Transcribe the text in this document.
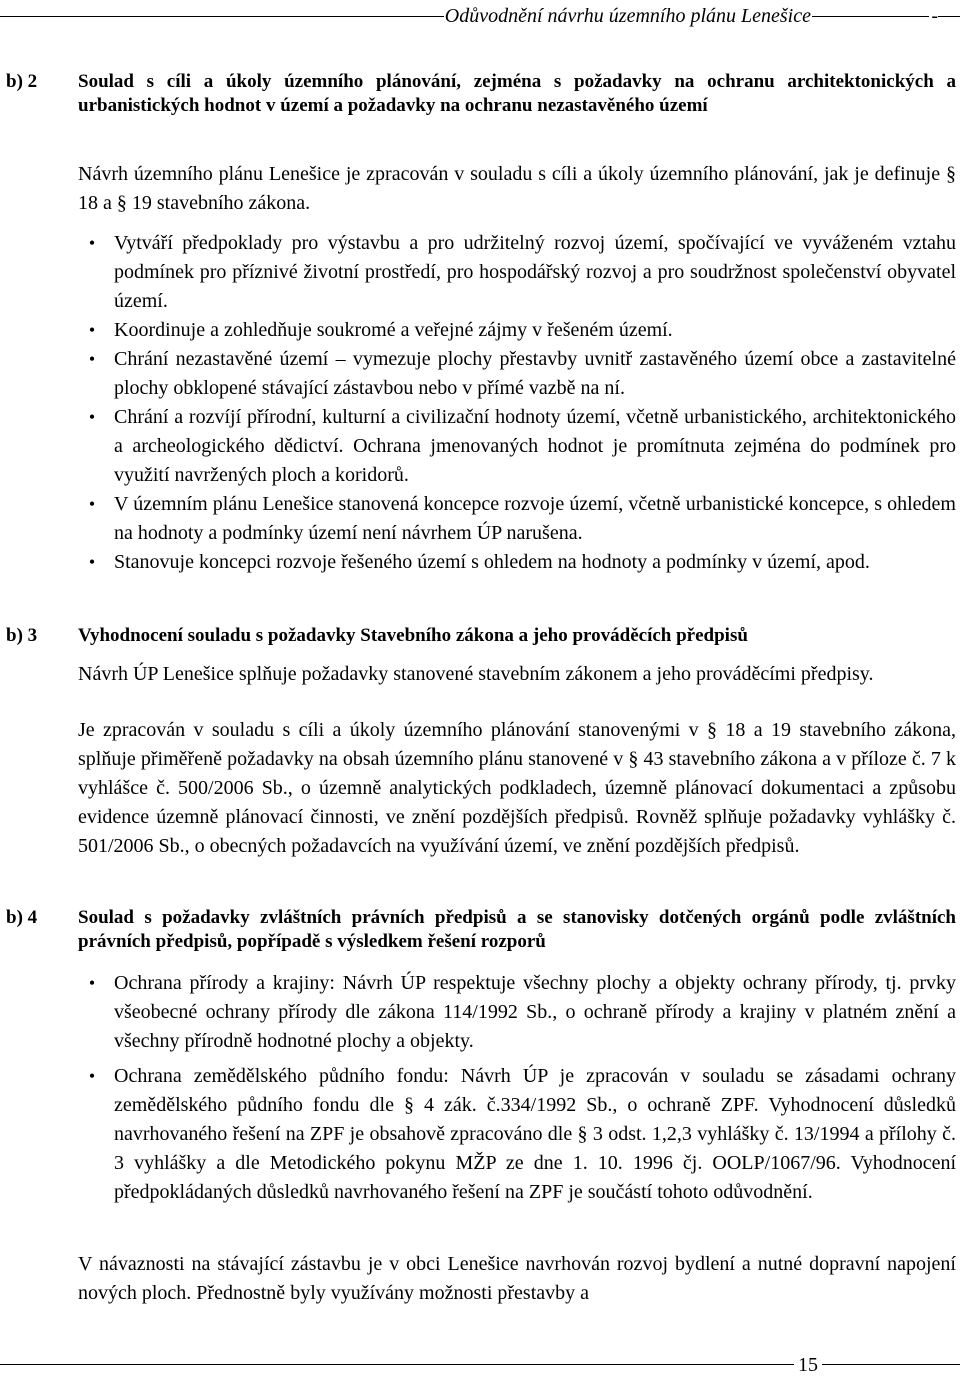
Odůvodnění návrhu územního plánu Lenešice	-
b) 2 Soulad s cíli a úkoly územního plánování, zejména s požadavky na ochranu architektonických a urbanistických hodnot v území a požadavky na ochranu nezastavěného území
Návrh územního plánu Lenešice je zpracován v souladu s cíli a úkoly územního plánování, jak je definuje § 18 a § 19 stavebního zákona.
• Vytváří předpoklady pro výstavbu a pro udržitelný rozvoj území, spočívající ve vyváženém vztahu podmínek pro příznivé životní prostředí, pro hospodářský rozvoj a pro soudržnost společenství obyvatel území.
• Koordinuje a zohledňuje soukromé a veřejné zájmy v řešeném území.
• Chrání nezastavěné území – vymezuje plochy přestavby uvnitř zastavěného území obce a zastavitelné plochy obklopené stávající zástavbou nebo v přímé vazbě na ní.
• Chrání a rozvíjí přírodní, kulturní a civilizační hodnoty území, včetně urbanistického, architektonického a archeologického dědictví. Ochrana jmenovaných hodnot je promítnuta zejména do podmínek pro využití navržených ploch a koridorů.
• V územním plánu Lenešice stanovená koncepce rozvoje území, včetně urbanistické koncepce, s ohledem na hodnoty a podmínky území není návrhem ÚP narušena.
• Stanovuje koncepci rozvoje řešeného území s ohledem na hodnoty a podmínky v území, apod.
b) 3 Vyhodnocení souladu s požadavky Stavebního zákona a jeho prováděcích předpisů
Návrh ÚP Lenešice splňuje požadavky stanovené stavebním zákonem a jeho prováděcími předpisy.
Je zpracován v souladu s cíli a úkoly územního plánování stanovenými v § 18 a 19 stavebního zákona, splňuje přiměřeně požadavky na obsah územního plánu stanovené v § 43 stavebního zákona a v příloze č. 7 k vyhlášce č. 500/2006 Sb., o územně analytických podkladech, územně plánovací dokumentaci a způsobu evidence územně plánovací činnosti, ve znění pozdějších předpisů. Rovněž splňuje požadavky vyhlášky č. 501/2006 Sb., o obecných požadavcích na využívání území, ve znění pozdějších předpisů.
b) 4 Soulad s požadavky zvláštních právních předpisů a se stanovisky dotčených orgánů podle zvláštních právních předpisů, popřípadě s výsledkem řešení rozporů
• Ochrana přírody a krajiny: Návrh ÚP respektuje všechny plochy a objekty ochrany přírody, tj. prvky všeobecné ochrany přírody dle zákona 114/1992 Sb., o ochraně přírody a krajiny v platném znění a všechny přírodně hodnotné plochy a objekty.
• Ochrana zemědělského půdního fondu: Návrh ÚP je zpracován v souladu se zásadami ochrany zemědělského půdního fondu dle § 4 zák. č.334/1992 Sb., o ochraně ZPF. Vyhodnocení důsledků navrhovaného řešení na ZPF je obsahově zpracováno dle § 3 odst. 1,2,3 vyhlášky č. 13/1994 a přílohy č. 3 vyhlášky a dle Metodického pokynu MŽP ze dne 1. 10. 1996 čj. OOLP/1067/96. Vyhodnocení předpokládaných důsledků navrhovaného řešení na ZPF je součástí tohoto odůvodnění.
V návaznosti na stávající zástavbu je v obci Lenešice navrhován rozvoj bydlení a nutné dopravní napojení nových ploch. Přednostně byly využívány možnosti přestavby a
15
